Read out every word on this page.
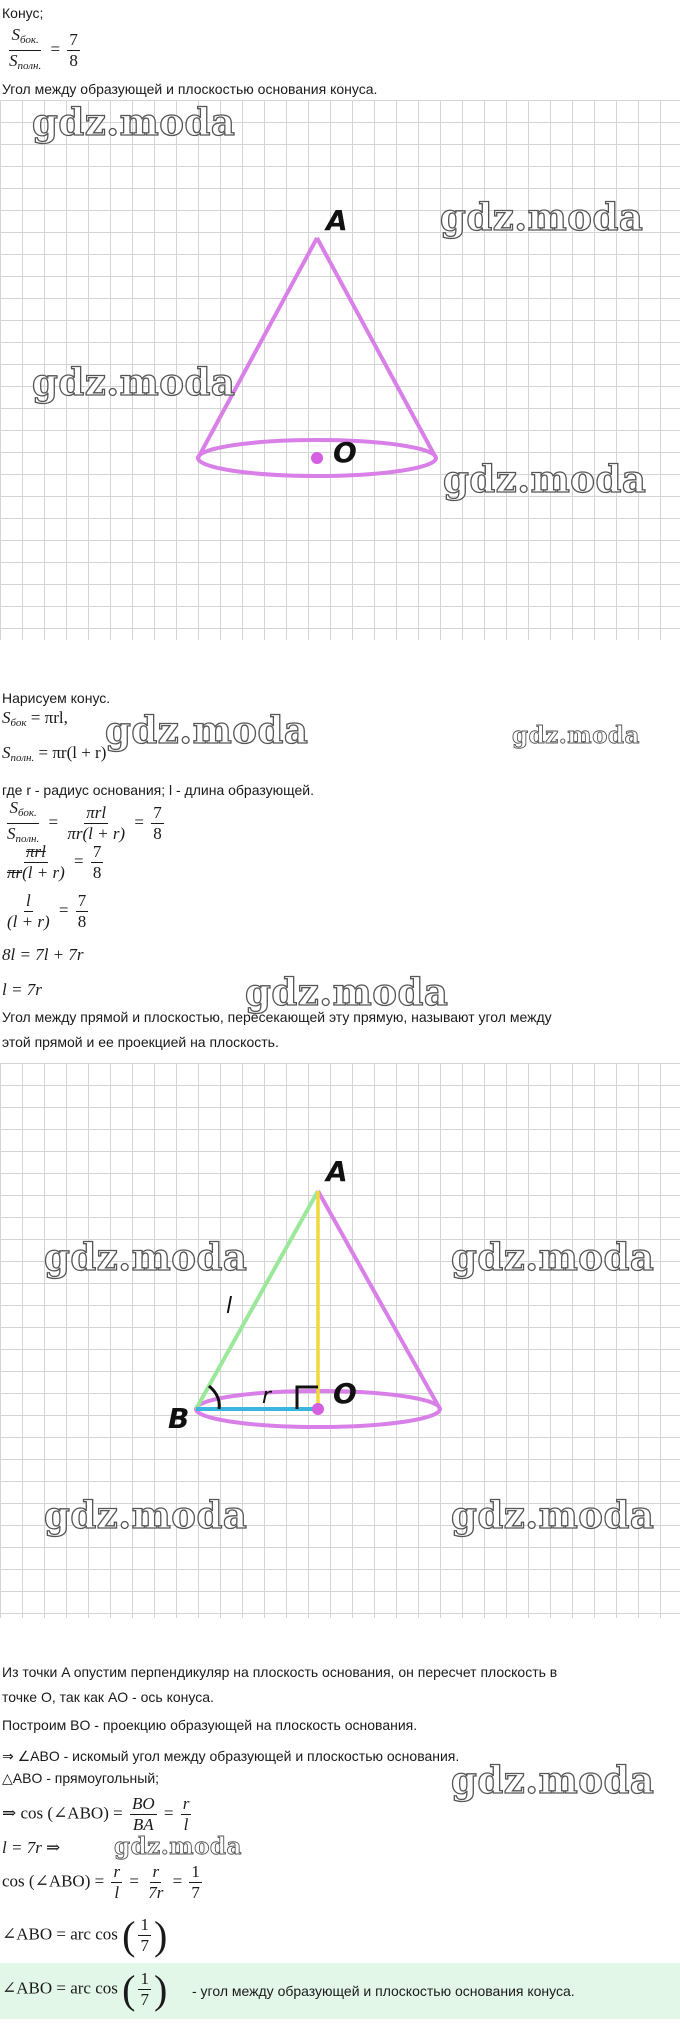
Конус;
$\frac{S_{бок.}}{S_{полн.}} = \frac{7}{8}$
Угол между образующей и плоскостью основания конуса.
A
O
gdz.moda
gdz.moda
gdz.moda
gdz.moda
Нарисуем конус.
$S_{бок} = \pi rl$,
$S_{полн.} = \pi r(l + r)$
gdz.moda	gdz.moda
где r - радиус основания; l - длина образующей.
$\frac{S_{бок.}}{S_{полн.}} = \frac{\text{πrl}}{\pi r(l + r)} = \frac{7}{8}$
$\frac{\text{πrl}}{\pi r(l + r)} = \frac{7}{8}$
$\frac{l}{(l + r)} = \frac{7}{8}$
8l = 7l + 7r
l = 7r	gdz.moda
Угол между прямой и плоскостью, пересекающей эту прямую, называют угол между
этой прямой и ее проекцией на плоскость.
A
O
B
l
r
gdz.moda	gdz.moda
gdz.moda	gdz.moda
Из точки A опустим перпендикуляр на плоскость основания, он пересчет плоскость в
точке O, так как AO - ось конуса.
Построим BO - проекцию образующей на плоскость основания.
⇒ ∠ABO - искомый угол между образующей и плоскостью основания.
△ABO - прямоугольный;	gdz.moda
⇒ cos (∠ABO) = $\frac{BO}{BA} = \frac{r}{l}$
l = 7r ⇒ gdz.moda
cos (∠ABO) = $\frac{r}{l} = \frac{r}{7r} = \frac{1}{7}$
∠ABO = arc cos ( $\frac{1}{7}$ )
∠ABO = arc cos ( $\frac{1}{7}$ ) - угол между образующей и плоскостью основания конуса.
